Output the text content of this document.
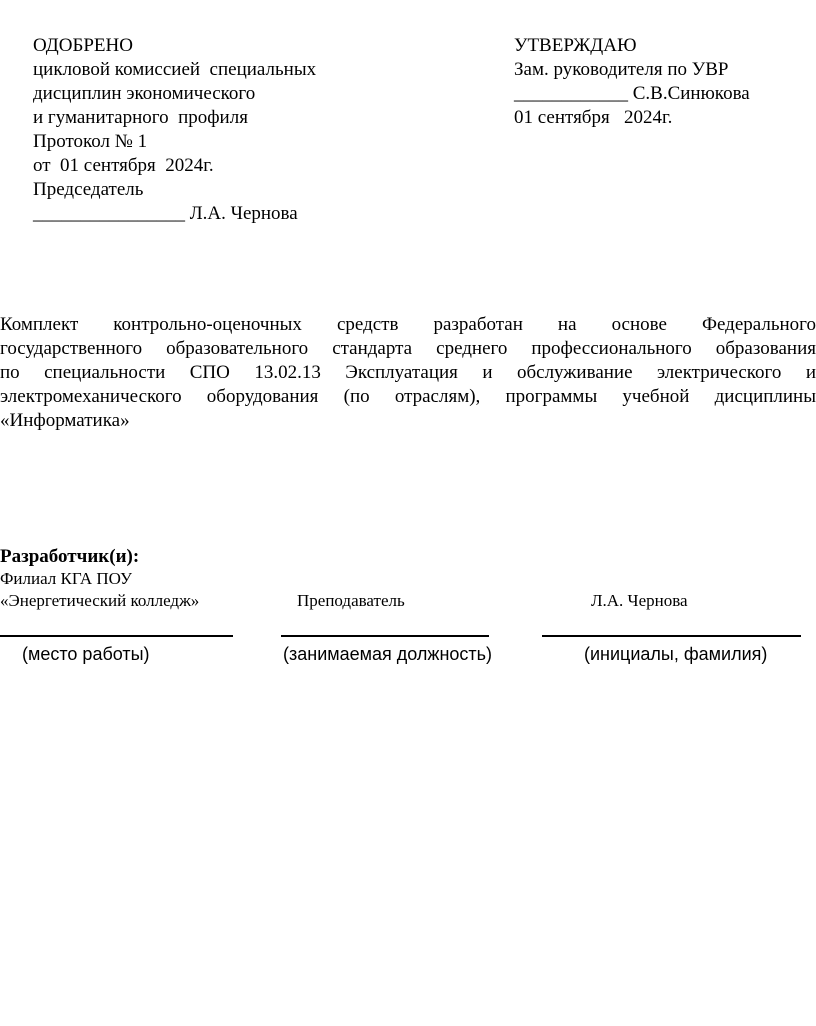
ОДОБРЕНО
цикловой комиссией  специальных
дисциплин экономического
и гуманитарного  профиля
Протокол № 1
от  01 сентября  2024г.
Председатель
________________ Л.А. Чернова
УТВЕРЖДАЮ
Зам. руководителя по УВР
____________ С.В.Синюкова
01 сентября   2024г.
Комплект контрольно-оценочных средств разработан на основе Федерального
государственного образовательного стандарта среднего профессионального образования
по специальности СПО 13.02.13 Эксплуатация и обслуживание электрического и
электромеханического оборудования (по отраслям), программы учебной дисциплины
«Информатика»
Разработчик(и):
Филиал КГА ПОУ
«Энергетический колледж»	Преподаватель	Л.А. Чернова
(место работы)	(занимаемая должность)	(инициалы, фамилия)
